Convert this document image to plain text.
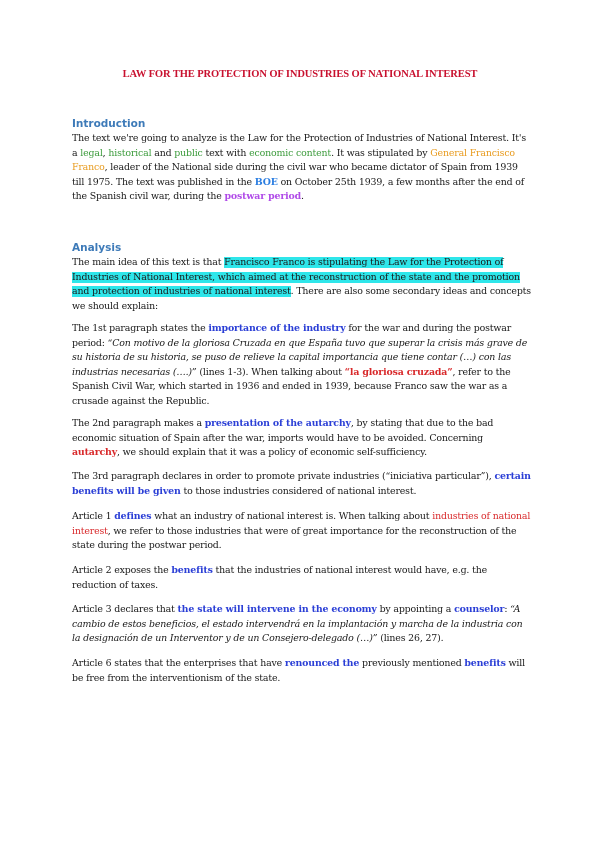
LAW FOR THE PROTECTION OF INDUSTRIES OF NATIONAL INTEREST
Introduction
The text we're going to analyze is the Law for the Protection of Industries of National Interest. It's a legal, historical and public text with economic content. It was stipulated by General Francisco Franco, leader of the National side during the civil war who became dictator of Spain from 1939 till 1975. The text was published in the BOE on October 25th 1939, a few months after the end of the Spanish civil war, during the postwar period.
Analysis
The main idea of this text is that Francisco Franco is stipulating the Law for the Protection of Industries of National Interest, which aimed at the reconstruction of the state and the promotion and protection of industries of national interest. There are also some secondary ideas and concepts we should explain:
The 1st paragraph states the importance of the industry for the war and during the postwar period: “Con motivo de la gloriosa Cruzada en que España tuvo que superar la crisis más grave de su historia de su historia, se puso de relieve la capital importancia que tiene contar (…) con las industrias necesarias (….)” (lines 1-3). When talking about “la gloriosa cruzada”, refer to the Spanish Civil War, which started in 1936 and ended in 1939, because Franco saw the war as a crusade against the Republic.
The 2nd paragraph makes a presentation of the autarchy, by stating that due to the bad economic situation of Spain after the war, imports would have to be avoided. Concerning autarchy, we should explain that it was a policy of economic self-sufficiency.
The 3rd paragraph declares in order to promote private industries (“iniciativa particular”), certain benefits will be given to those industries considered of national interest.
Article 1 defines what an industry of national interest is. When talking about industries of national interest, we refer to those industries that were of great importance for the reconstruction of the state during the postwar period.
Article 2 exposes the benefits that the industries of national interest would have, e.g. the reduction of taxes.
Article 3 declares that the state will intervene in the economy by appointing a counselor: “A cambio de estos beneficios, el estado intervendrá en la implantación y marcha de la industria con la designación de un Interventor y de un Consejero-delegado (…)” (lines 26, 27).
Article 6 states that the enterprises that have renounced the previously mentioned benefits will be free from the interventionism of the state.
